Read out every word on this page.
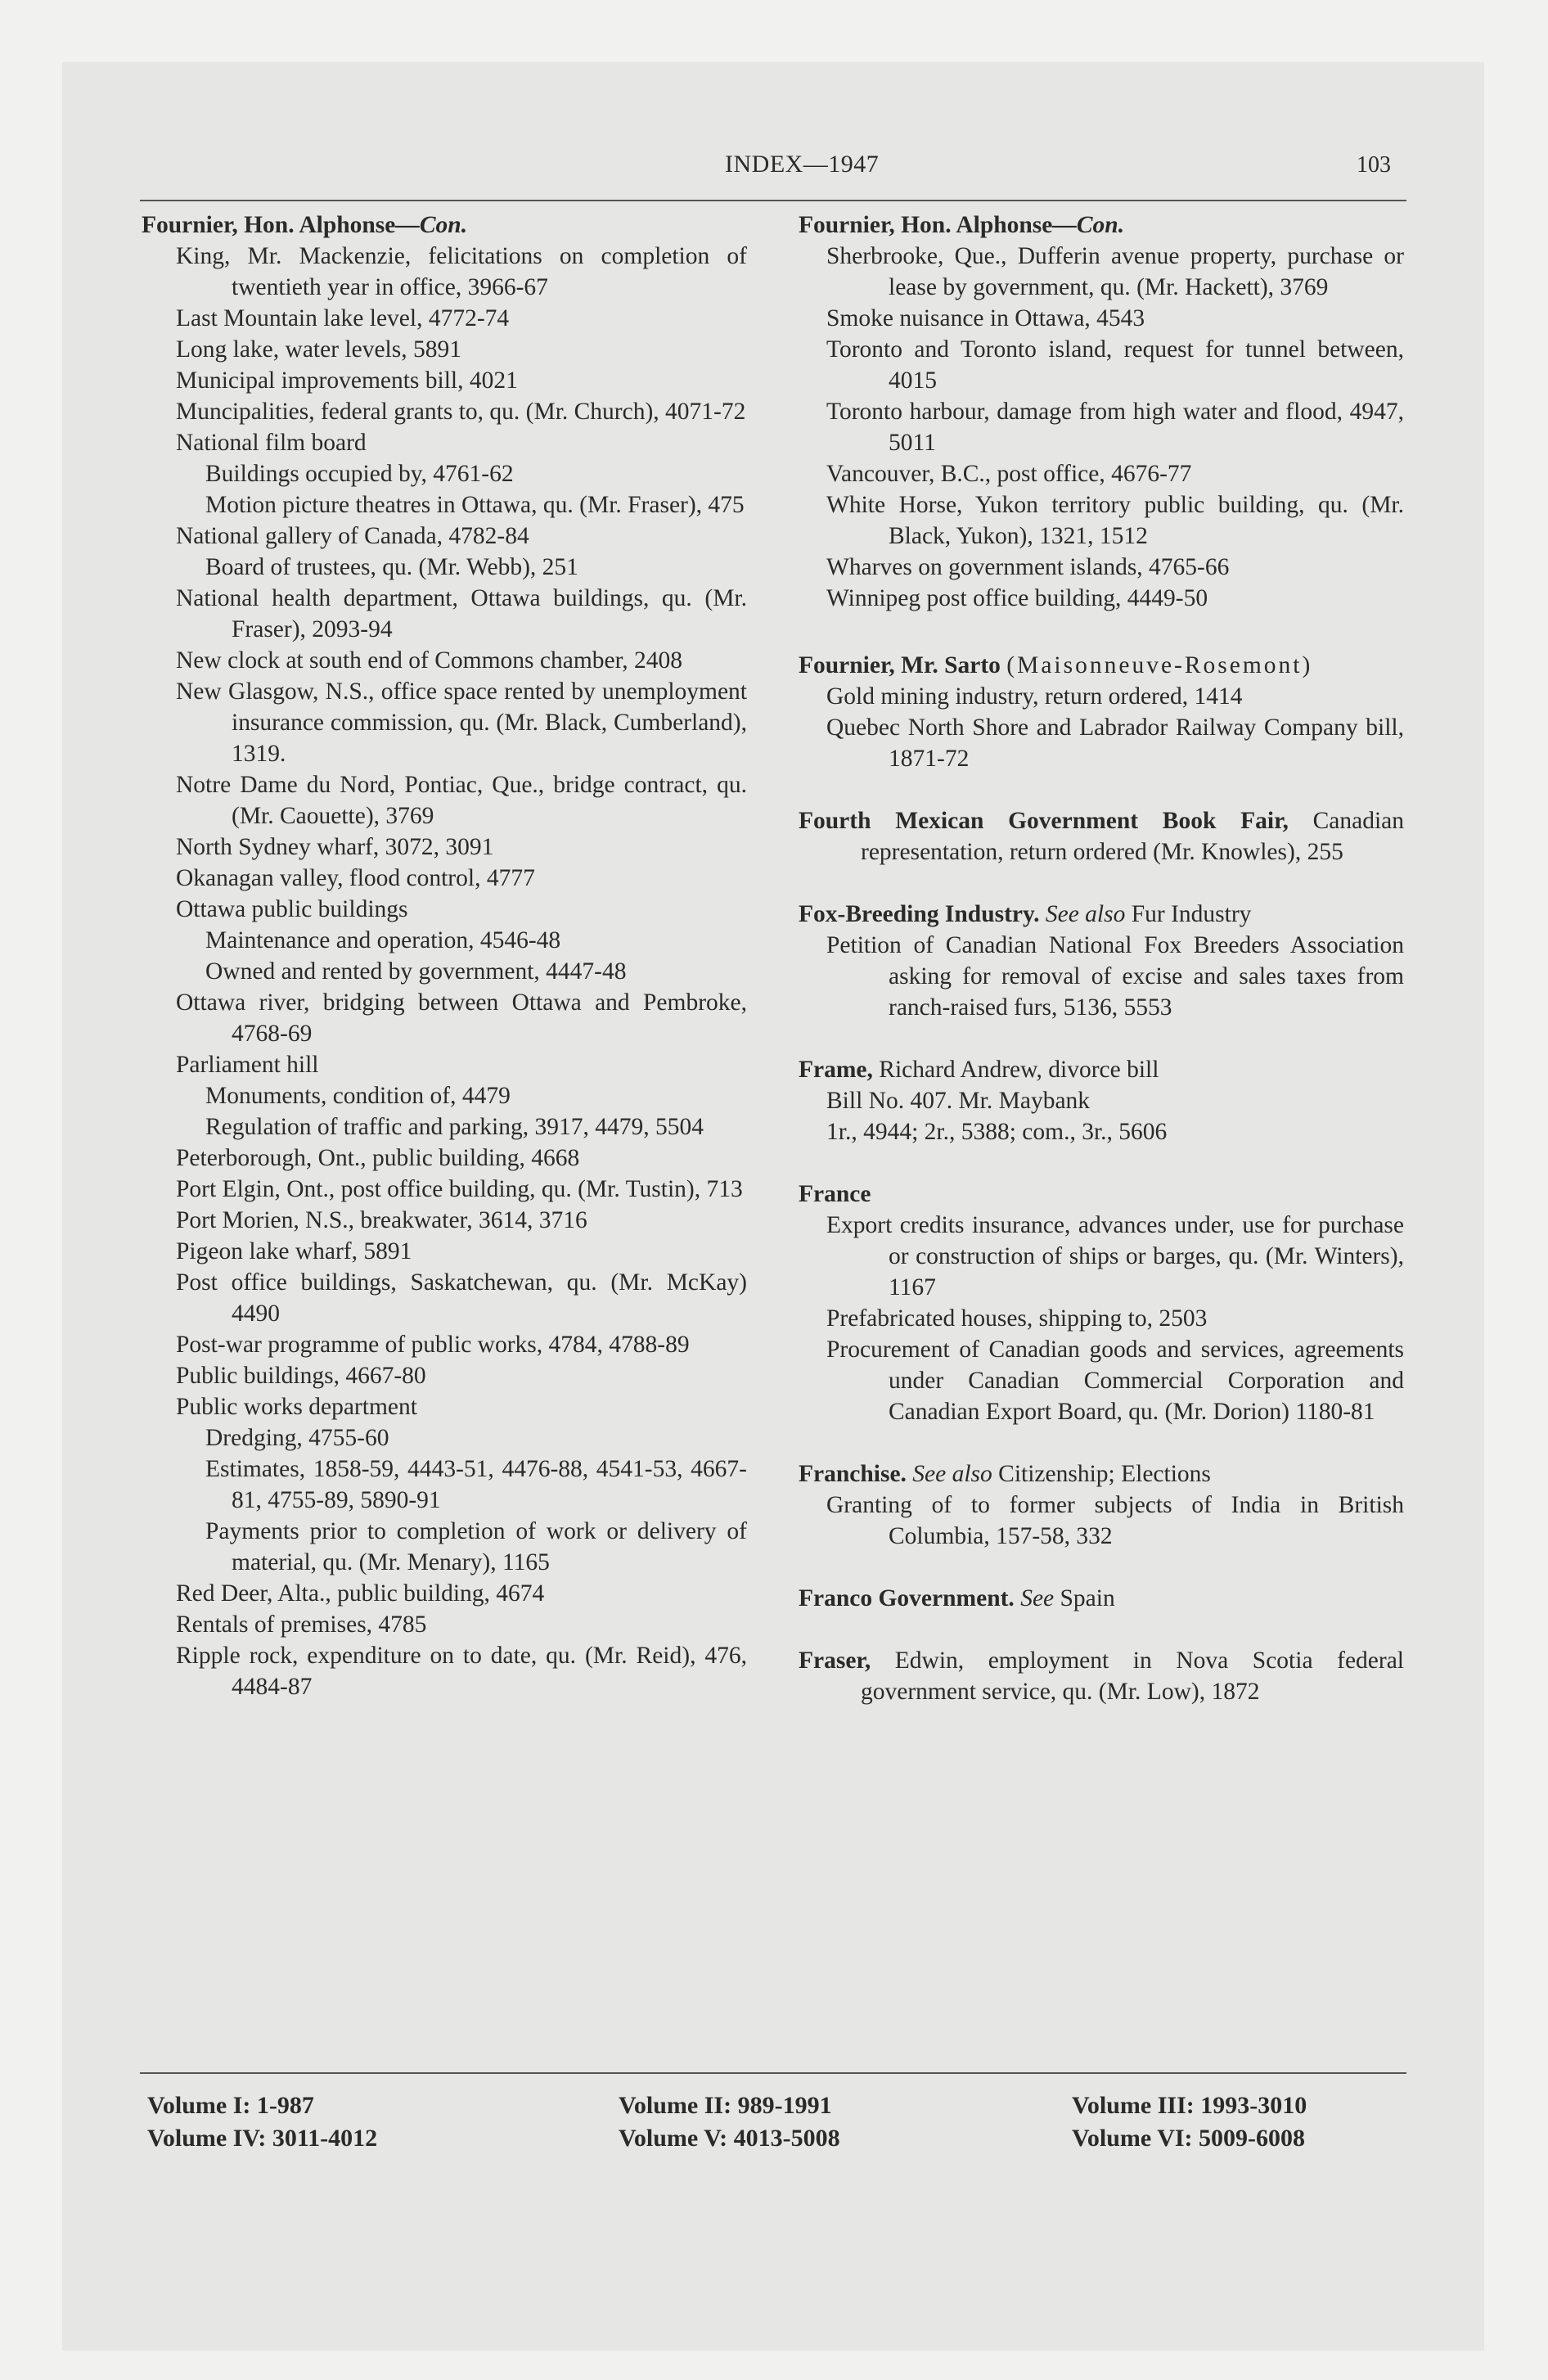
INDEX—1947	103
Fournier, Hon. Alphonse—Con.
King, Mr. Mackenzie, felicitations on completion of twentieth year in office, 3966-67
Last Mountain lake level, 4772-74
Long lake, water levels, 5891
Municipal improvements bill, 4021
Muncipalities, federal grants to, qu. (Mr. Church), 4071-72
National film board
Buildings occupied by, 4761-62
Motion picture theatres in Ottawa, qu. (Mr. Fraser), 475
National gallery of Canada, 4782-84
Board of trustees, qu. (Mr. Webb), 251
National health department, Ottawa buildings, qu. (Mr. Fraser), 2093-94
New clock at south end of Commons chamber, 2408
New Glasgow, N.S., office space rented by unemployment insurance commission, qu. (Mr. Black, Cumberland), 1319.
Notre Dame du Nord, Pontiac, Que., bridge contract, qu. (Mr. Caouette), 3769
North Sydney wharf, 3072, 3091
Okanagan valley, flood control, 4777
Ottawa public buildings
Maintenance and operation, 4546-48
Owned and rented by government, 4447-48
Ottawa river, bridging between Ottawa and Pembroke, 4768-69
Parliament hill
Monuments, condition of, 4479
Regulation of traffic and parking, 3917, 4479, 5504
Peterborough, Ont., public building, 4668
Port Elgin, Ont., post office building, qu. (Mr. Tustin), 713
Port Morien, N.S., breakwater, 3614, 3716
Pigeon lake wharf, 5891
Post office buildings, Saskatchewan, qu. (Mr. McKay) 4490
Post-war programme of public works, 4784, 4788-89
Public buildings, 4667-80
Public works department
Dredging, 4755-60
Estimates, 1858-59, 4443-51, 4476-88, 4541-53, 4667-81, 4755-89, 5890-91
Payments prior to completion of work or delivery of material, qu. (Mr. Menary), 1165
Red Deer, Alta., public building, 4674
Rentals of premises, 4785
Ripple rock, expenditure on to date, qu. (Mr. Reid), 476, 4484-87
Fournier, Hon. Alphonse—Con.
Sherbrooke, Que., Dufferin avenue property, purchase or lease by government, qu. (Mr. Hackett), 3769
Smoke nuisance in Ottawa, 4543
Toronto and Toronto island, request for tunnel between, 4015
Toronto harbour, damage from high water and flood, 4947, 5011
Vancouver, B.C., post office, 4676-77
White Horse, Yukon territory public building, qu. (Mr. Black, Yukon), 1321, 1512
Wharves on government islands, 4765-66
Winnipeg post office building, 4449-50
Fournier, Mr. Sarto (Maisonneuve-Rosemont)
Gold mining industry, return ordered, 1414
Quebec North Shore and Labrador Railway Company bill, 1871-72
Fourth Mexican Government Book Fair, Canadian representation, return ordered (Mr. Knowles), 255
Fox-Breeding Industry. See also Fur Industry
Petition of Canadian National Fox Breeders Association asking for removal of excise and sales taxes from ranch-raised furs, 5136, 5553
Frame, Richard Andrew, divorce bill
Bill No. 407. Mr. Maybank
1r., 4944; 2r., 5388; com., 3r., 5606
France
Export credits insurance, advances under, use for purchase or construction of ships or barges, qu. (Mr. Winters), 1167
Prefabricated houses, shipping to, 2503
Procurement of Canadian goods and services, agreements under Canadian Commercial Corporation and Canadian Export Board, qu. (Mr. Dorion) 1180-81
Franchise. See also Citizenship; Elections
Granting of to former subjects of India in British Columbia, 157-58, 332
Franco Government. See Spain
Fraser, Edwin, employment in Nova Scotia federal government service, qu. (Mr. Low), 1872
Volume I: 1-987	Volume II: 989-1991	Volume III: 1993-3010
Volume IV: 3011-4012	Volume V: 4013-5008	Volume VI: 5009-6008
